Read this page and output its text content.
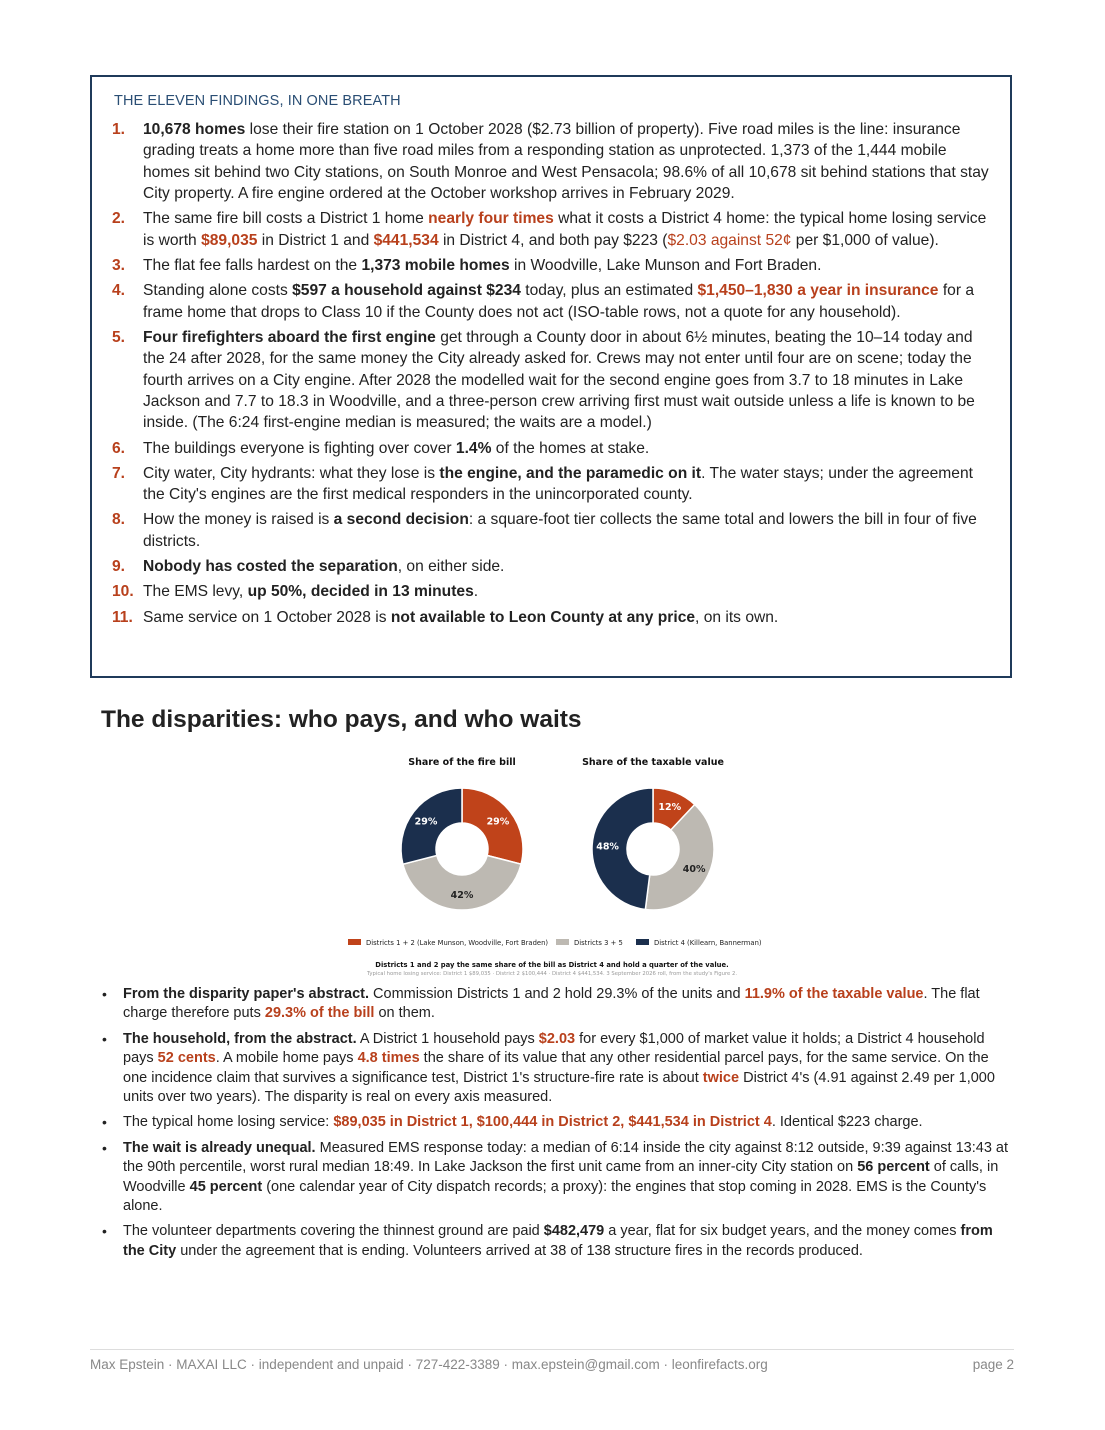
THE ELEVEN FINDINGS, IN ONE BREATH
1.	10,678 homes lose their fire station on 1 October 2028 ($2.73 billion of property). Five road miles is the line: insurance grading treats a home more than five road miles from a responding station as unprotected. 1,373 of the 1,444 mobile homes sit behind two City stations, on South Monroe and West Pensacola; 98.6% of all 10,678 sit behind stations that stay City property. A fire engine ordered at the October workshop arrives in February 2029.
2.	The same fire bill costs a District 1 home nearly four times what it costs a District 4 home: the typical home losing service is worth $89,035 in District 1 and $441,534 in District 4, and both pay $223 ($2.03 against 52¢ per $1,000 of value).
3.	The flat fee falls hardest on the 1,373 mobile homes in Woodville, Lake Munson and Fort Braden.
4.	Standing alone costs $597 a household against $234 today, plus an estimated $1,450–1,830 a year in insurance for a frame home that drops to Class 10 if the County does not act (ISO-table rows, not a quote for any household).
5.	Four firefighters aboard the first engine get through a County door in about 6½ minutes, beating the 10–14 today and the 24 after 2028, for the same money the City already asked for. Crews may not enter until four are on scene; today the fourth arrives on a City engine. After 2028 the modelled wait for the second engine goes from 3.7 to 18 minutes in Lake Jackson and 7.7 to 18.3 in Woodville, and a three-person crew arriving first must wait outside unless a life is known to be inside. (The 6:24 first-engine median is measured; the waits are a model.)
6.	The buildings everyone is fighting over cover 1.4% of the homes at stake.
7.	City water, City hydrants: what they lose is the engine, and the paramedic on it. The water stays; under the agreement the City's engines are the first medical responders in the unincorporated county.
8.	How the money is raised is a second decision: a square-foot tier collects the same total and lowers the bill in four of five districts.
9.	Nobody has costed the separation, on either side.
10. The EMS levy, up 50%, decided in 13 minutes.
11. Same service on 1 October 2028 is not available to Leon County at any price, on its own.
The disparities: who pays, and who waits
Share of the fire bill
29%
42%
29%
Share of the taxable value
12%
40%
48%
Districts 1 + 2 (Lake Munson, Woodville, Fort Braden)	Districts 3 + 5	District 4 (Killearn, Bannerman)
Districts 1 and 2 pay the same share of the bill as District 4 and hold a quarter of the value.
Typical home losing service: District 1 $89,035 · District 2 $100,444 · District 4 $441,534. 3 September 2026 roll, from the study's Figure 2.
• From the disparity paper's abstract. Commission Districts 1 and 2 hold 29.3% of the units and 11.9% of the taxable value. The flat charge therefore puts 29.3% of the bill on them.
• The household, from the abstract. A District 1 household pays $2.03 for every $1,000 of market value it holds; a District 4 household pays 52 cents. A mobile home pays 4.8 times the share of its value that any other residential parcel pays, for the same service. On the one incidence claim that survives a significance test, District 1's structure-fire rate is about twice District 4's (4.91 against 2.49 per 1,000 units over two years). The disparity is real on every axis measured.
• The typical home losing service: $89,035 in District 1, $100,444 in District 2, $441,534 in District 4. Identical $223 charge.
• The wait is already unequal. Measured EMS response today: a median of 6:14 inside the city against 8:12 outside, 9:39 against 13:43 at the 90th percentile, worst rural median 18:49. In Lake Jackson the first unit came from an inner-city City station on 56 percent of calls, in Woodville 45 percent (one calendar year of City dispatch records; a proxy): the engines that stop coming in 2028. EMS is the County's alone.
• The volunteer departments covering the thinnest ground are paid $482,479 a year, flat for six budget years, and the money comes from the City under the agreement that is ending. Volunteers arrived at 38 of 138 structure fires in the records produced.
Max Epstein · MAXAI LLC · independent and unpaid · 727-422-3389 · max.epstein@gmail.com · leonfirefacts.org	page 2
